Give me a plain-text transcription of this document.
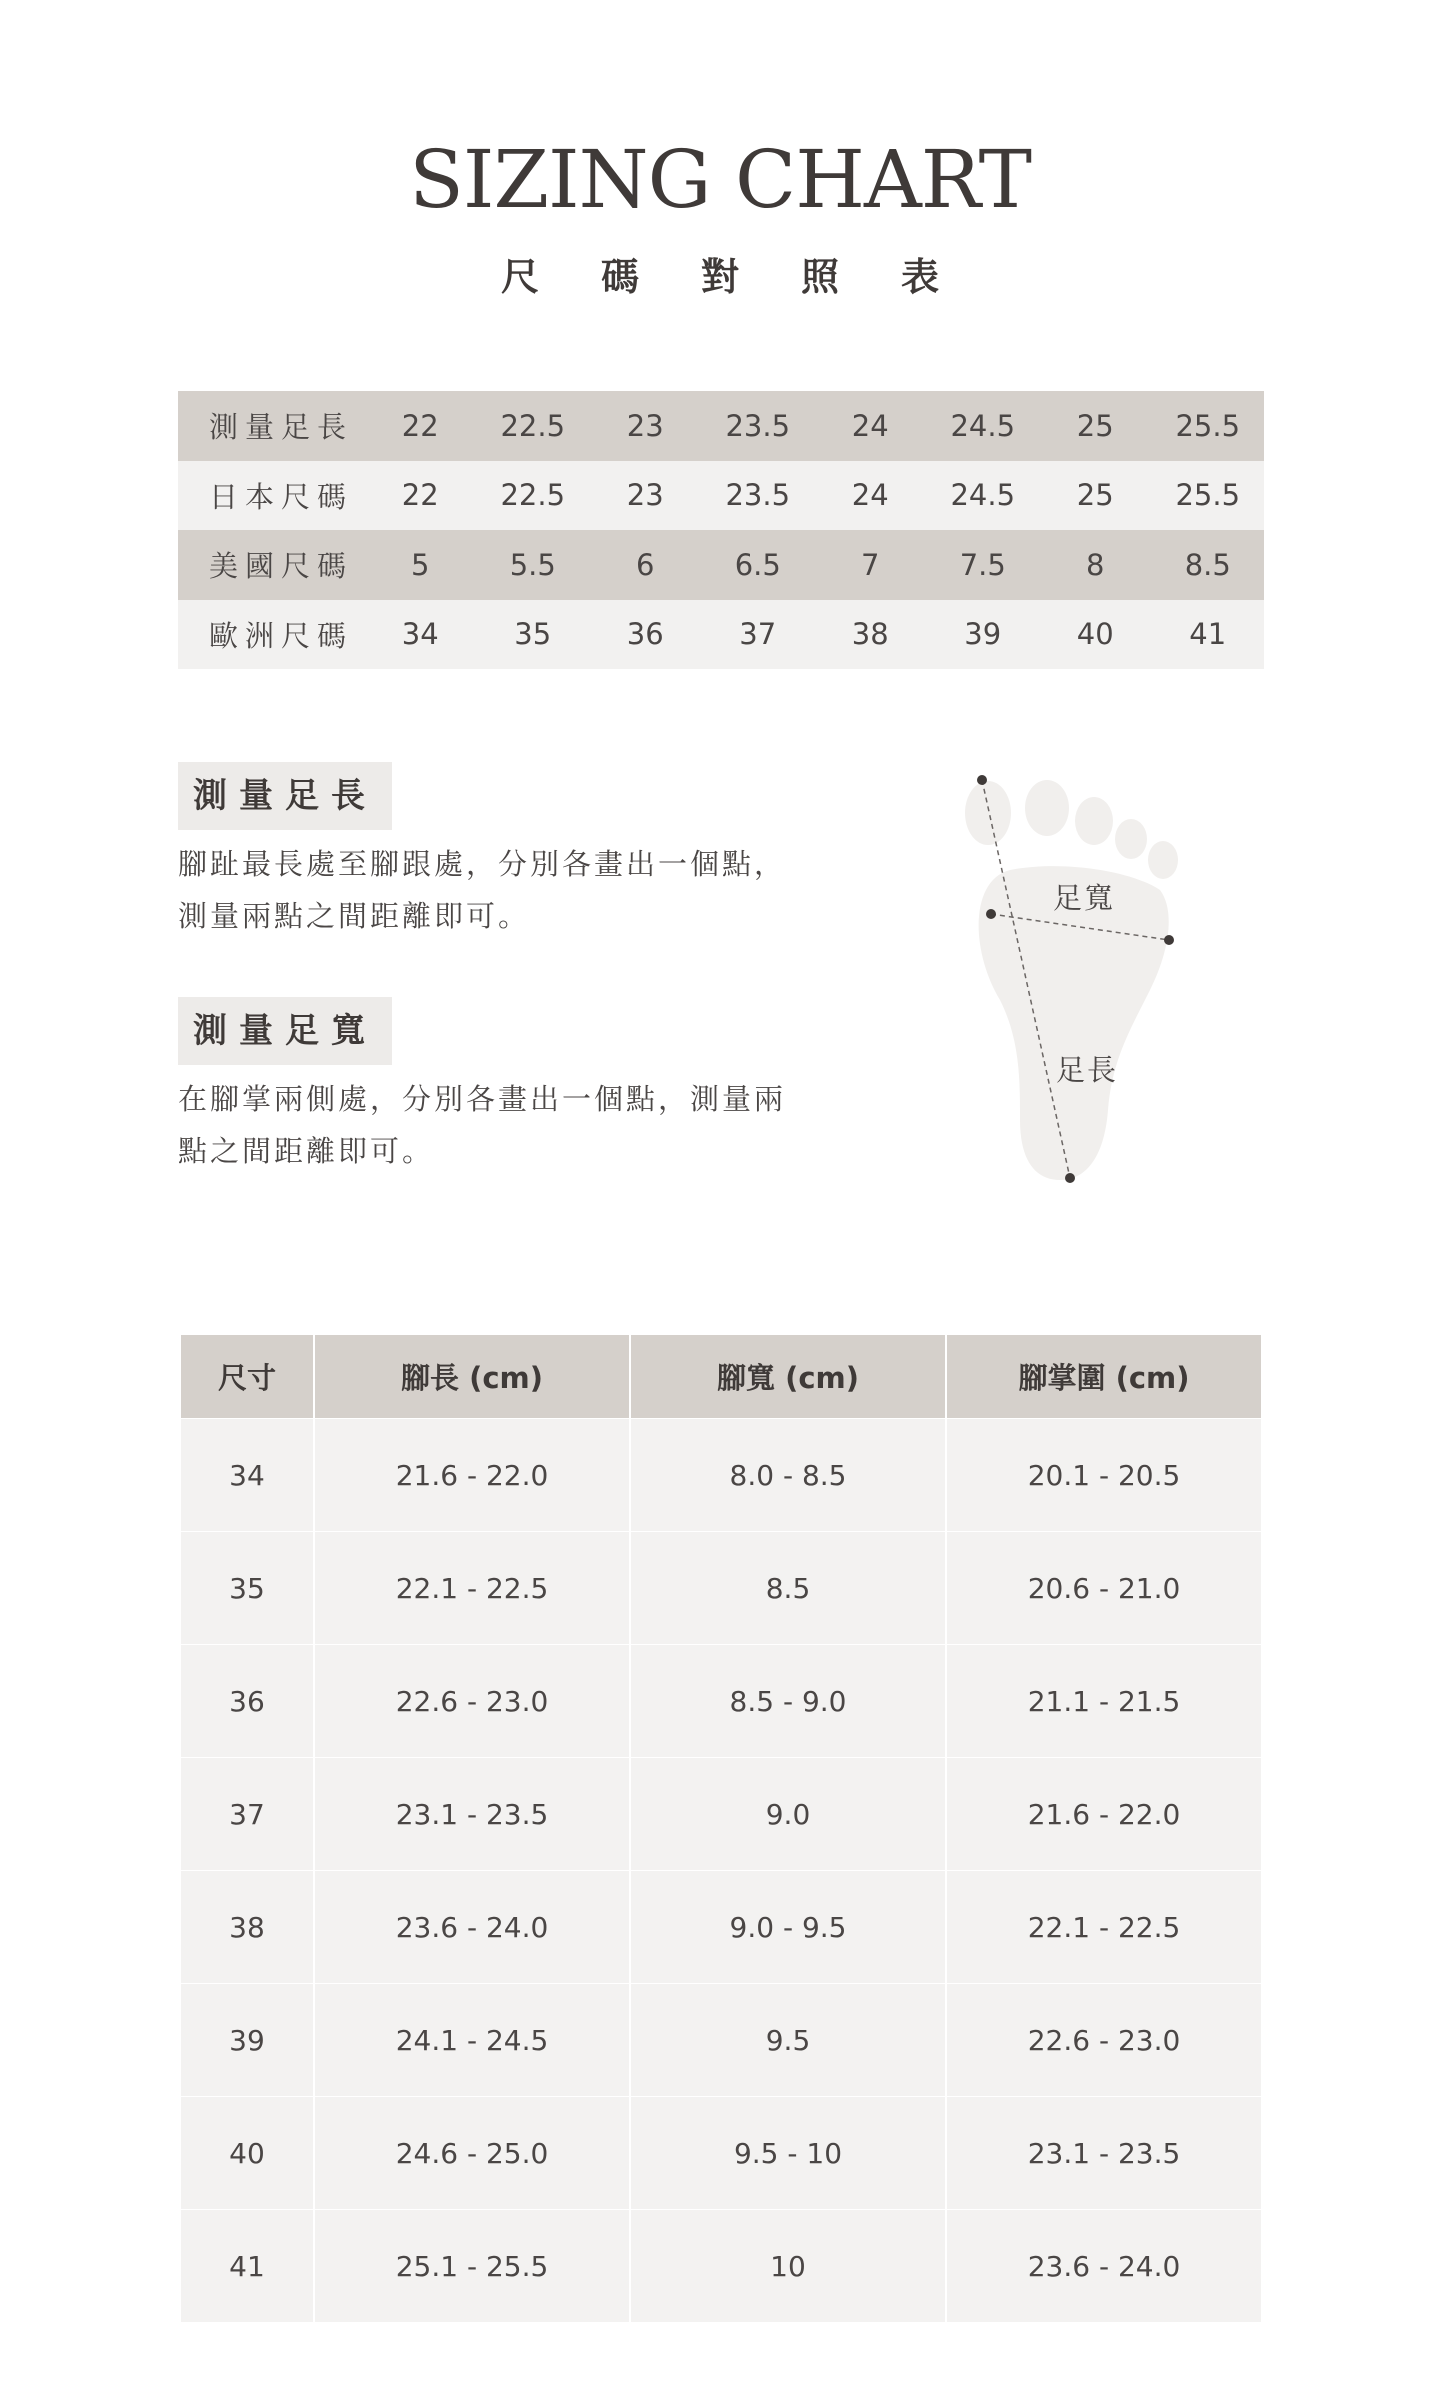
SIZING CHART
尺碼對照表
測量足長	22	22.5	23	23.5	24	24.5	25	25.5
日本尺碼	22	22.5	23	23.5	24	24.5	25	25.5
美國尺碼	5	5.5	6	6.5	7	7.5	8	8.5
歐洲尺碼	34	35	36	37	38	39	40	41
測量足長
腳趾最長處至腳跟處，分別各畫出一個點，
測量兩點之間距離即可。
測量足寬
在腳掌兩側處，分別各畫出一個點，測量兩
點之間距離即可。
足寬
足長
尺寸	腳長 (cm)	腳寬 (cm)	腳掌圍 (cm)
34	21.6 - 22.0	8.0 - 8.5	20.1 - 20.5
35	22.1 - 22.5	8.5	20.6 - 21.0
36	22.6 - 23.0	8.5 - 9.0	21.1 - 21.5
37	23.1 - 23.5	9.0	21.6 - 22.0
38	23.6 - 24.0	9.0 - 9.5	22.1 - 22.5
39	24.1 - 24.5	9.5	22.6 - 23.0
40	24.6 - 25.0	9.5 - 10	23.1 - 23.5
41	25.1 - 25.5	10	23.6 - 24.0
